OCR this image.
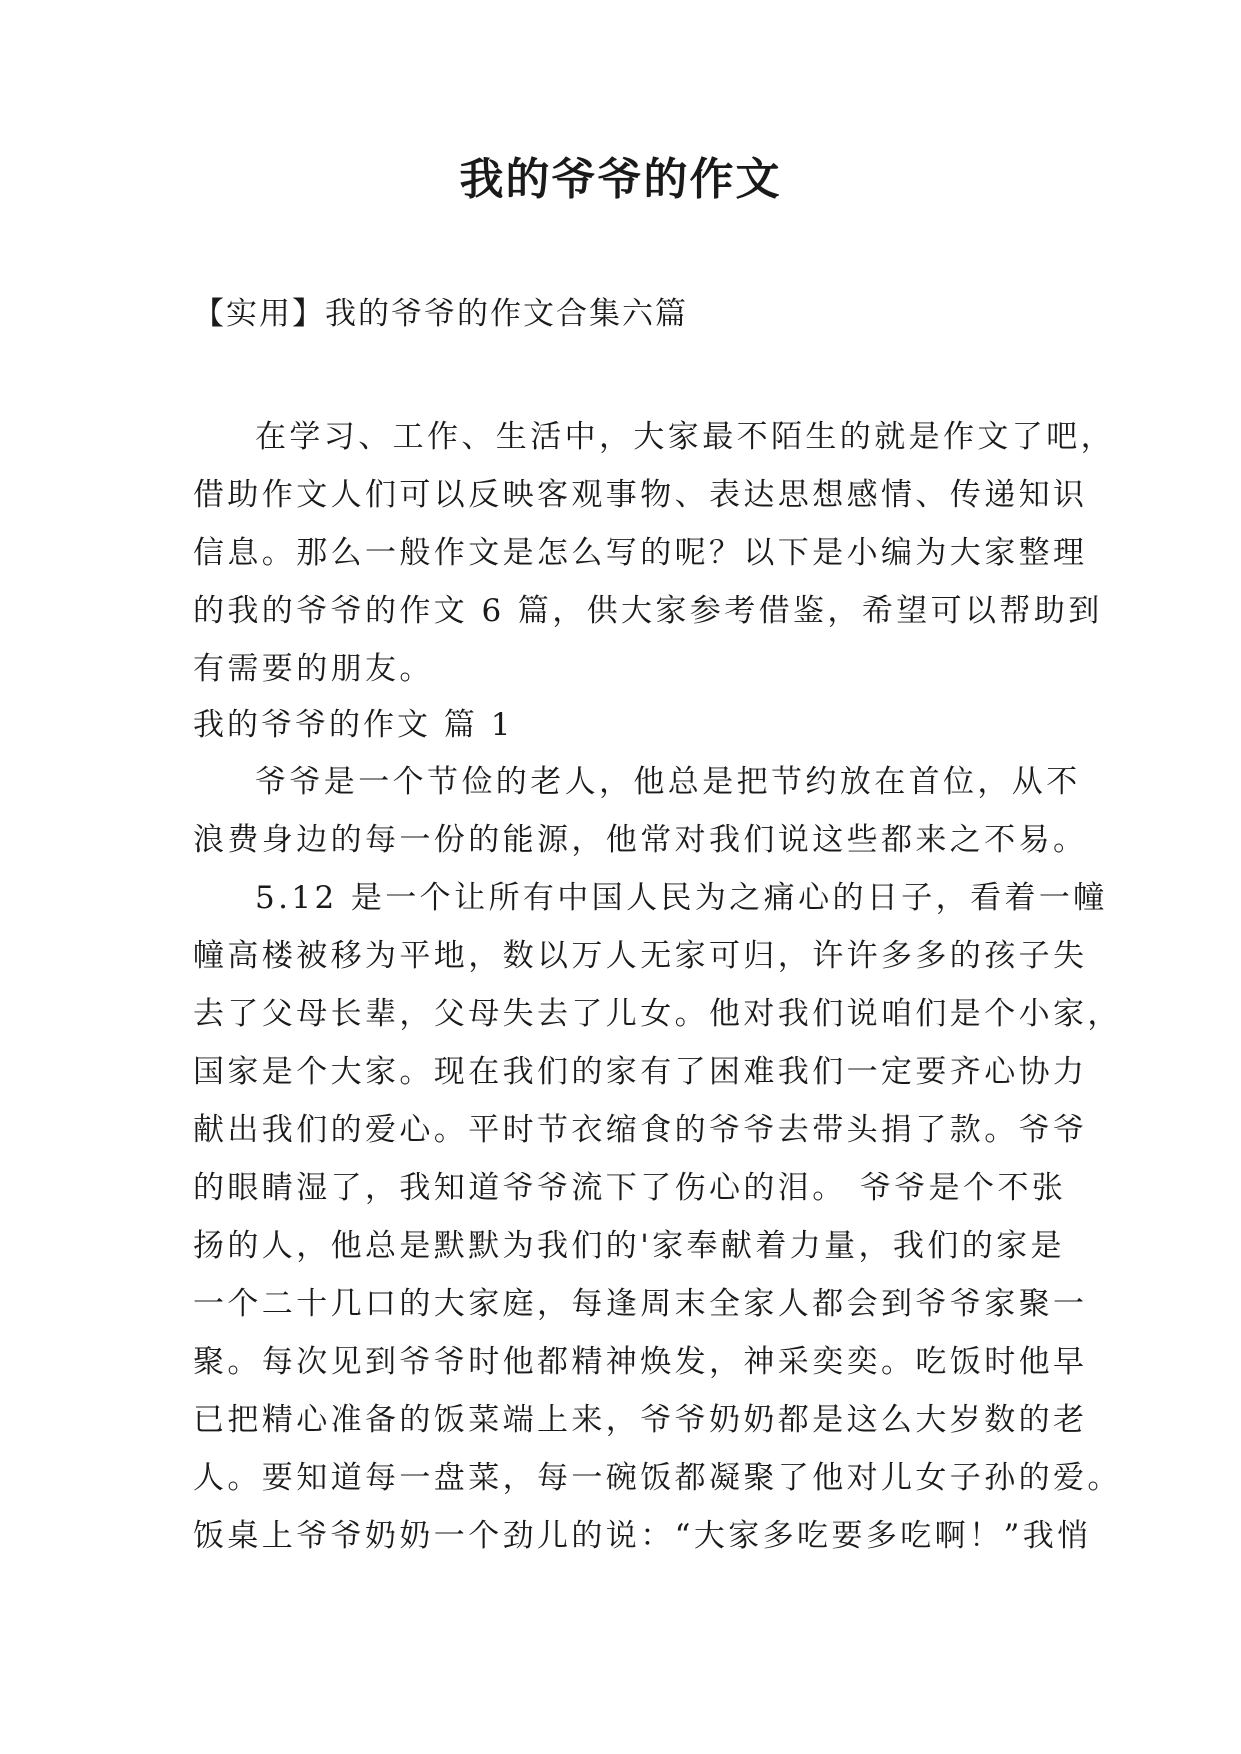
我的爷爷的作文

【实用】我的爷爷的作文合集六篇

在学习、工作、生活中，大家最不陌生的就是作文了吧，
借助作文人们可以反映客观事物、表达思想感情、传递知识
信息。那么一般作文是怎么写的呢？以下是小编为大家整理
的我的爷爷的作文 6 篇，供大家参考借鉴，希望可以帮助到
有需要的朋友。
我的爷爷的作文 篇 1
爷爷是一个节俭的老人，他总是把节约放在首位，从不
浪费身边的每一份的能源，他常对我们说这些都来之不易。
5.12 是一个让所有中国人民为之痛心的日子，看着一幢
幢高楼被移为平地，数以万人无家可归，许许多多的孩子失
去了父母长辈，父母失去了儿女。他对我们说咱们是个小家，
国家是个大家。现在我们的家有了困难我们一定要齐心协力
献出我们的爱心。平时节衣缩食的爷爷去带头捐了款。爷爷
的眼睛湿了，我知道爷爷流下了伤心的泪。 爷爷是个不张
扬的人，他总是默默为我们的'家奉献着力量，我们的家是
一个二十几口的大家庭，每逢周末全家人都会到爷爷家聚一
聚。每次见到爷爷时他都精神焕发，神采奕奕。吃饭时他早
已把精心准备的饭菜端上来，爷爷奶奶都是这么大岁数的老
人。要知道每一盘菜，每一碗饭都凝聚了他对儿女子孙的爱。
饭桌上爷爷奶奶一个劲儿的说：“大家多吃要多吃啊！”我悄
